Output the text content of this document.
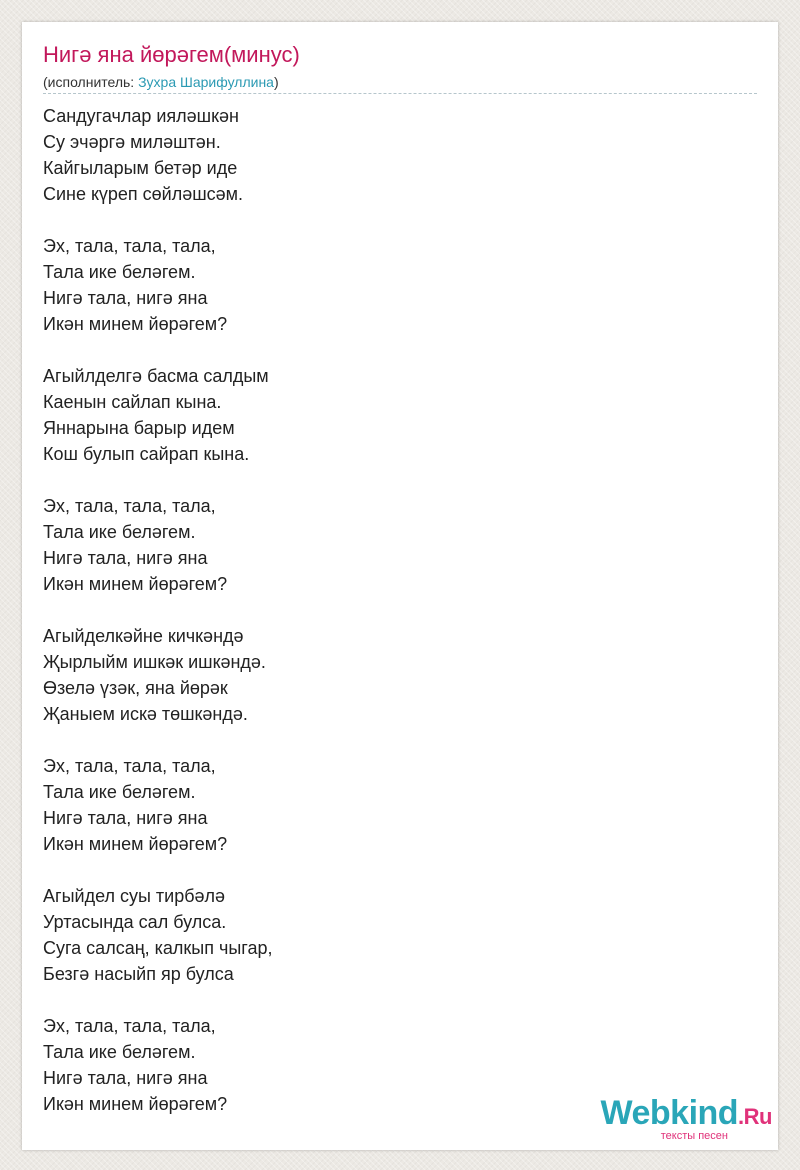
Нигә яна йөрәгем(минус)
(исполнитель: Зухра Шарифуллина)
Сандугачлар иялəшкəн
Су эчəргə милəштəн.
Кайгыларым бетəр иде
Сине күреп сөйлəшсəм.
Эх, тала, тала, тала,
Тала ике белəгем.
Нигə тала, нигə яна
Икəн минем йөрəгем?
Агыйлделгə басма салдым
Каенын сайлап кына.
Яннарына барыр идем
Кош булып сайрап кына.
Эх, тала, тала, тала,
Тала ике белəгем.
Нигə тала, нигə яна
Икəн минем йөрəгем?
Агыйделкəйне кичкəндə
Җырлыйм ишкəк ишкəндə.
Өзелə үзəк, яна йөрəк
Җаныем искə төшкəндə.
Эх, тала, тала, тала,
Тала ике белəгем.
Нигə тала, нигə яна
Икəн минем йөрəгем?
Агыйдел суы тирбəлə
Уртасында сал булса.
Суга салсаң, калкып чыгар,
Безгə насыйп яр булса
Эх, тала, тала, тала,
Тала ике белəгем.
Нигə тала, нигə яна
Икəн минем йөрəгем?	Webkind.Ru
тексты песен
